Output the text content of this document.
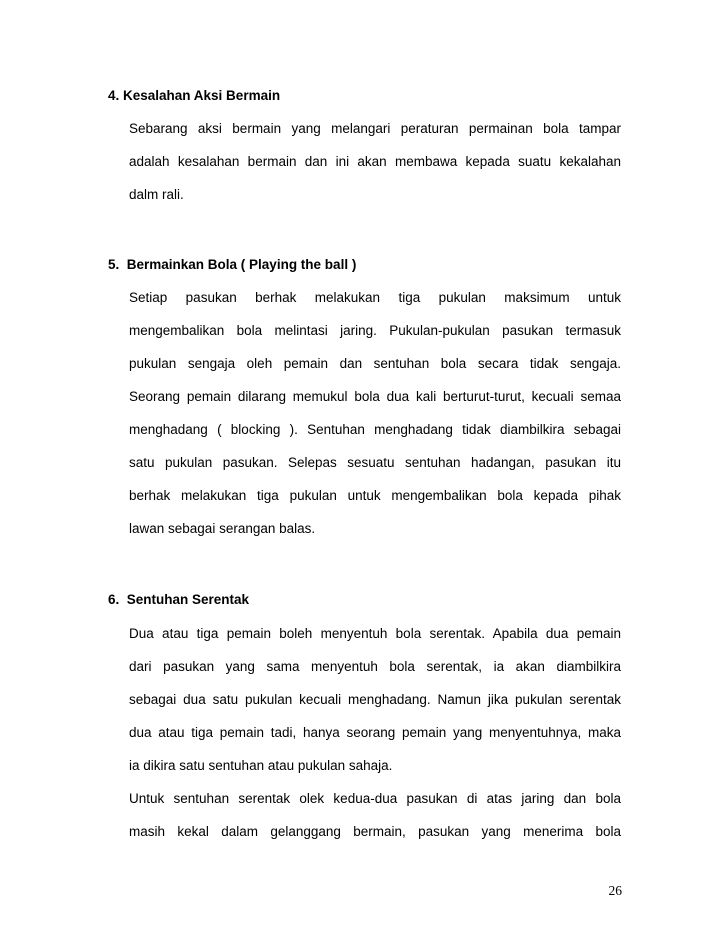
4. Kesalahan Aksi Bermain
Sebarang aksi bermain yang melangari peraturan permainan bola tampar
adalah kesalahan bermain dan ini akan membawa kepada suatu kekalahan
dalm rali.
5.  Bermainkan Bola ( Playing the ball )
Setiap pasukan berhak melakukan tiga pukulan maksimum untuk
mengembalikan bola melintasi jaring. Pukulan-pukulan pasukan termasuk
pukulan sengaja oleh pemain dan sentuhan bola secara tidak sengaja.
Seorang pemain dilarang memukul bola dua kali berturut-turut, kecuali semaa
menghadang ( blocking ). Sentuhan menghadang tidak diambilkira sebagai
satu pukulan pasukan. Selepas sesuatu sentuhan hadangan, pasukan itu
berhak melakukan tiga pukulan untuk mengembalikan bola kepada pihak
lawan sebagai serangan balas.
6.  Sentuhan Serentak
Dua atau tiga pemain boleh menyentuh bola serentak. Apabila dua pemain
dari pasukan yang sama menyentuh bola serentak, ia akan diambilkira
sebagai dua satu pukulan kecuali menghadang. Namun jika pukulan serentak
dua atau tiga pemain tadi, hanya seorang pemain yang menyentuhnya, maka
ia dikira satu sentuhan atau pukulan sahaja.
Untuk sentuhan serentak olek kedua-dua pasukan di atas jaring dan bola
masih kekal dalam gelanggang bermain, pasukan yang menerima bola
26
